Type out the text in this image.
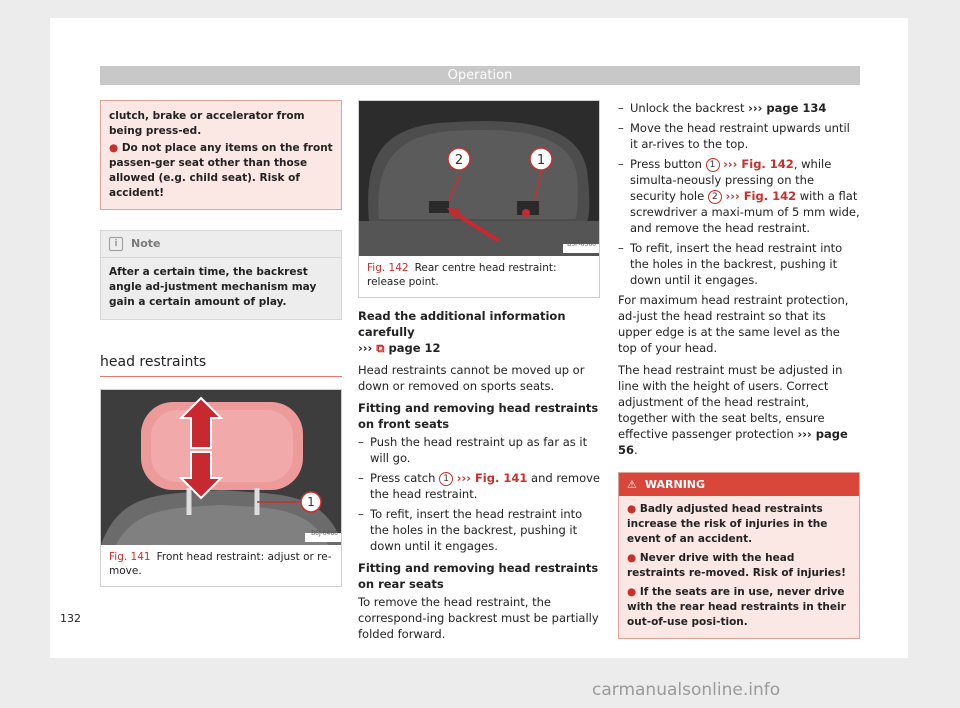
Operation
clutch, brake or accelerator from being press-ed.
● Do not place any items on the front passen-ger seat other than those allowed (e.g. child seat). Risk of accident!
i	Note
After a certain time, the backrest angle ad-justment mechanism may gain a certain amount of play.
head restraints
1
B6J-0466
Fig. 141 Front head restraint: adjust or re-move.
2	1
B5F-0360
Fig. 142 Rear centre head restraint: release point.

Read the additional information carefully
››› ⧉ page 12

Head restraints cannot be moved up or down or removed on sports seats.

Fitting and removing head restraints on front seats

– Push the head restraint up as far as it will go.
– Press catch 1 ››› Fig. 141 and remove the head restraint.
– To refit, insert the head restraint into the holes in the backrest, pushing it down until it engages.

Fitting and removing head restraints on rear seats

To remove the head restraint, the correspond-ing backrest must be partially folded forward.

– Unlock the backrest ››› page 134
– Move the head restraint upwards until it ar-rives to the top.
– Press button 1 ››› Fig. 142, while simulta-neously pressing on the security hole 2 ››› Fig. 142 with a flat screwdriver a maxi-mum of 5 mm wide, and remove the head restraint.
– To refit, insert the head restraint into the holes in the backrest, pushing it down until it engages.

For maximum head restraint protection, ad-just the head restraint so that its upper edge is at the same level as the top of your head.

The head restraint must be adjusted in line with the height of users. Correct adjustment of the head restraint, together with the seat belts, ensure effective passenger protection ››› page 56.

⚠ WARNING
● Badly adjusted head restraints increase the risk of injuries in the event of an accident.
● Never drive with the head restraints re-moved. Risk of injuries!
● If the seats are in use, never drive with the rear head restraints in their out-of-use posi-tion.
132
carmanualsonline.info
